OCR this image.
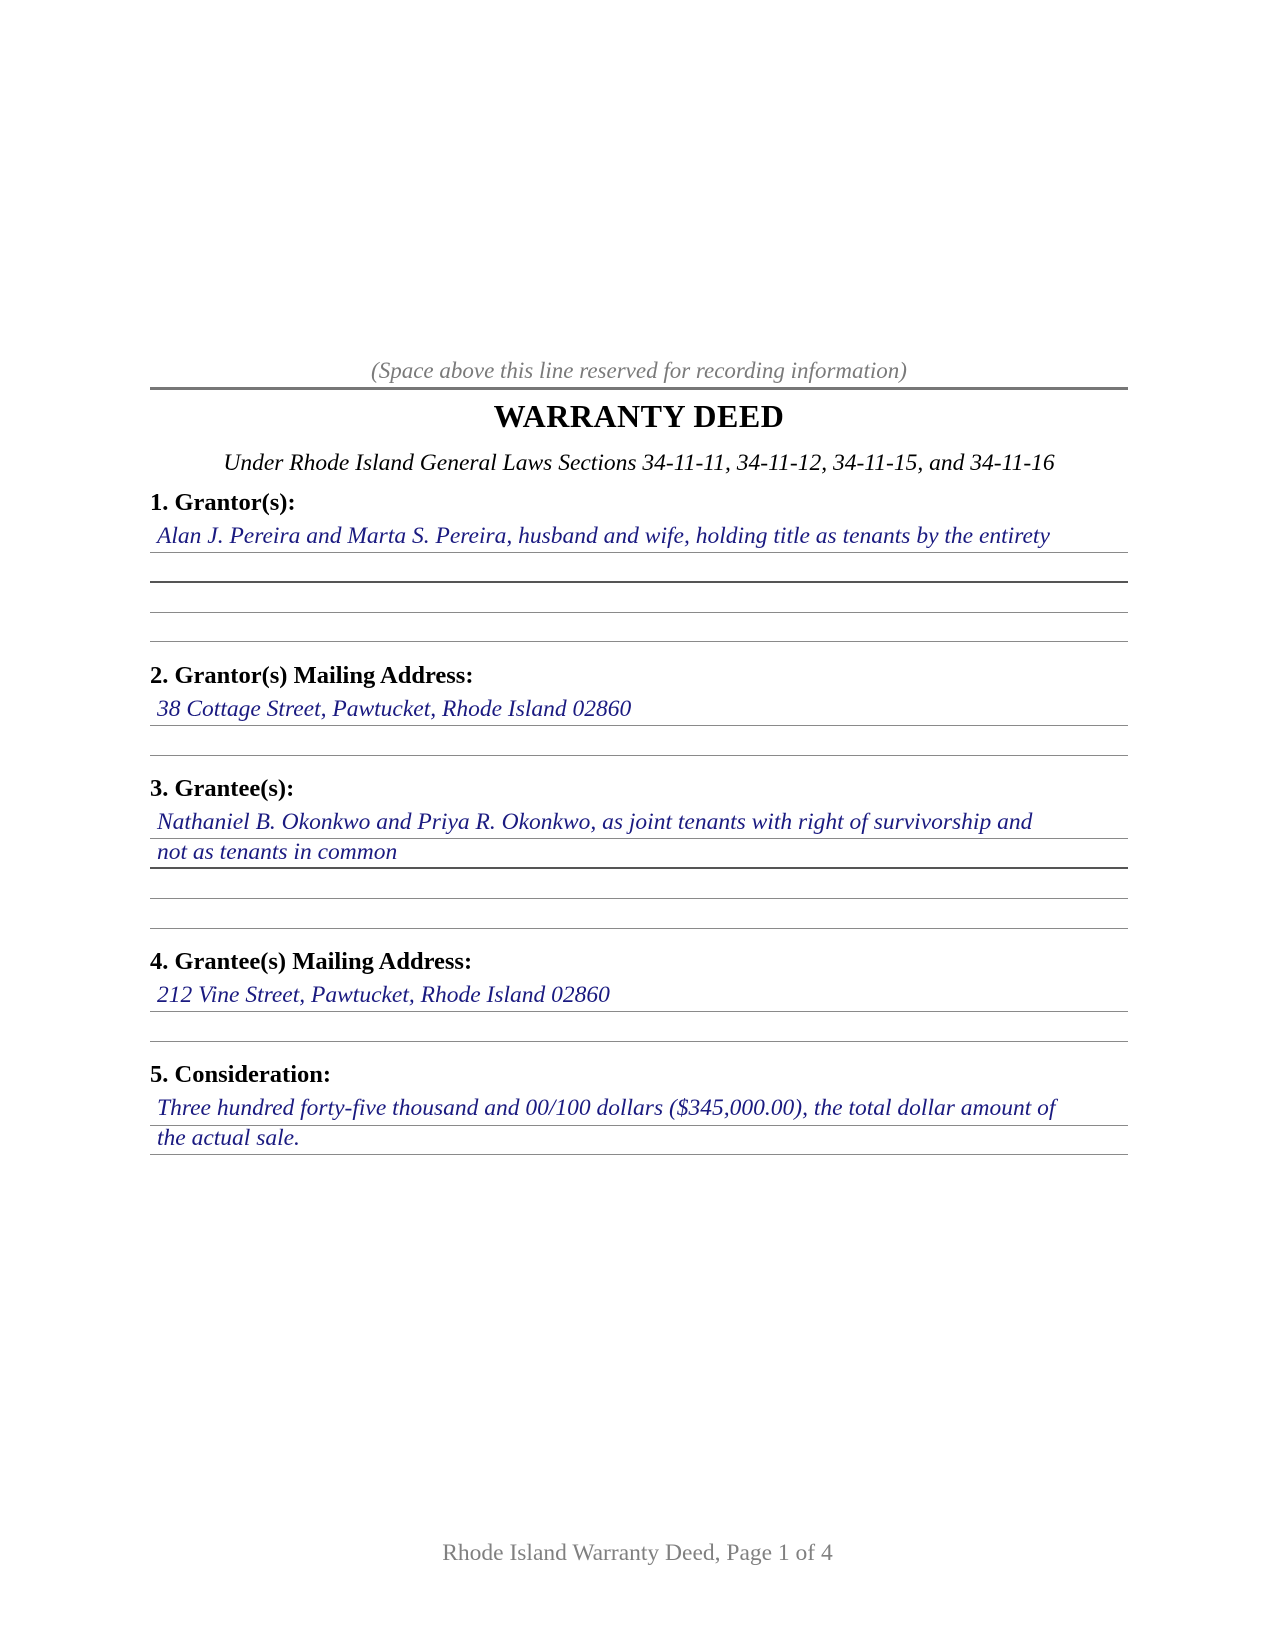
(Space above this line reserved for recording information)
WARRANTY DEED
Under Rhode Island General Laws Sections 34-11-11, 34-11-12, 34-11-15, and 34-11-16
1. Grantor(s):
Alan J. Pereira and Marta S. Pereira, husband and wife, holding title as tenants by the entirety
2. Grantor(s) Mailing Address:
38 Cottage Street, Pawtucket, Rhode Island 02860
3. Grantee(s):
Nathaniel B. Okonkwo and Priya R. Okonkwo, as joint tenants with right of survivorship and
not as tenants in common
4. Grantee(s) Mailing Address:
212 Vine Street, Pawtucket, Rhode Island 02860
5. Consideration:
Three hundred forty-five thousand and 00/100 dollars ($345,000.00), the total dollar amount of
the actual sale.
Rhode Island Warranty Deed, Page 1 of 4
